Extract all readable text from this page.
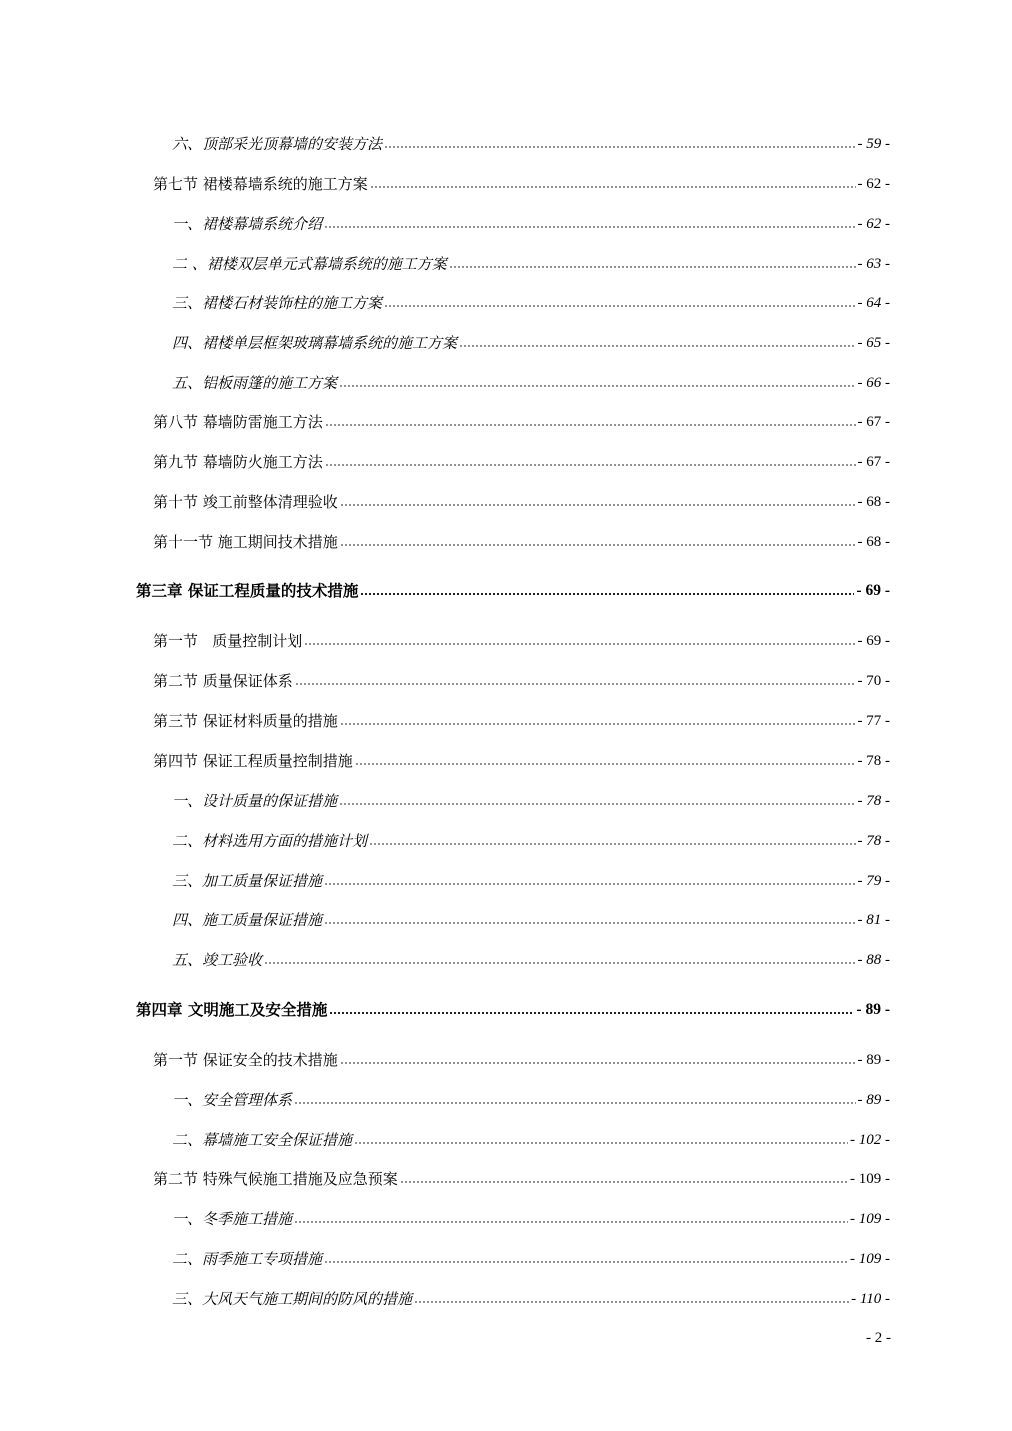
六、顶部采光顶幕墙的安装方法	- 59 -
第七节 裙楼幕墙系统的施工方案	- 62 -
一、裙楼幕墙系统介绍	- 62 -
二 、裙楼双层单元式幕墙系统的施工方案	- 63 -
三、裙楼石材装饰柱的施工方案	- 64 -
四、裙楼单层框架玻璃幕墙系统的施工方案	- 65 -
五、铝板雨篷的施工方案	- 66 -
第八节 幕墙防雷施工方法	- 67 -
第九节 幕墙防火施工方法	- 67 -
第十节 竣工前整体清理验收	- 68 -
第十一节 施工期间技术措施	- 68 -
第三章 保证工程质量的技术措施	- 69 -
第一节   质量控制计划	- 69 -
第二节 质量保证体系	- 70 -
第三节 保证材料质量的措施	- 77 -
第四节 保证工程质量控制措施	- 78 -
一、设计质量的保证措施	- 78 -
二、材料选用方面的措施计划	- 78 -
三、加工质量保证措施	- 79 -
四、施工质量保证措施	- 81 -
五、竣工验收	- 88 -
第四章 文明施工及安全措施	- 89 -
第一节 保证安全的技术措施	- 89 -
一、安全管理体系	- 89 -
二、幕墙施工安全保证措施	- 102 -
第二节 特殊气候施工措施及应急预案	- 109 -
一、冬季施工措施	- 109 -
二、雨季施工专项措施	- 109 -
三、大风天气施工期间的防风的措施	- 110 -
- 2 -
